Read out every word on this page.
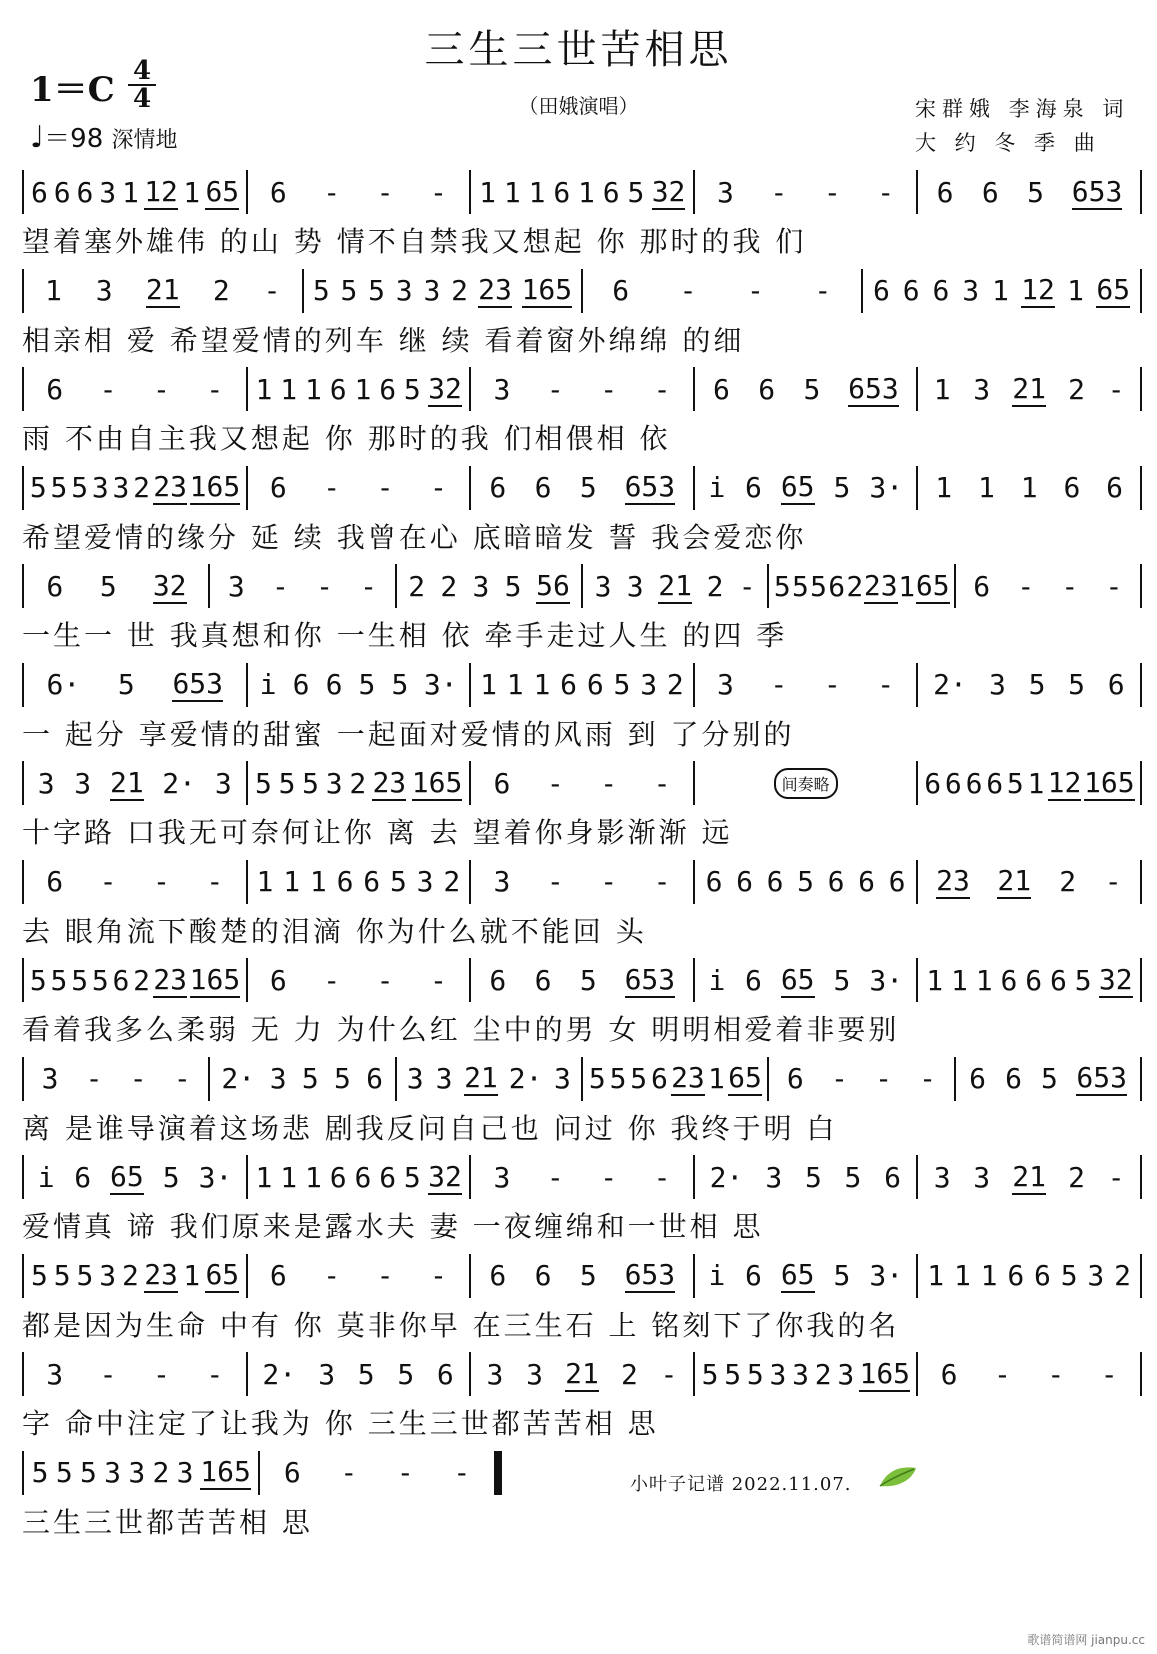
三生三世苦相思
（田娥演唱）
1＝C 4
4
♩＝98 深情地
宋群娥 李海泉 词
大 约 冬 季 曲
6 6 6 3 1 12 1 65 6 - - - 1 1 1 6 1 6 5 32 3 - - - 6 6 5 653
望着塞外雄伟 的山 势 情不自禁我又想起 你 那时的我 们
1 3 21 2 - 5 5 5 3 3 2 23 165 6 - - - 6 6 6 3 1 12 1 65
相亲相 爱 希望爱情的列车 继 续 看着窗外绵绵 的细
6 - - - 1 1 1 6 1 6 5 32 3 - - - 6 6 5 653 1 3 21 2 -
雨 不由自主我又想起 你 那时的我 们相偎相 依
5 5 5 3 3 2 23 165 6 - - - 6 6 5 653 i 6 65 5 3· 1 1 1 6 6
希望爱情的缘分 延 续 我曾在心 底暗暗发 誓 我会爱恋你
6 5 32 3 - - - 2 2 3 5 56 3 3 21 2 - 5 5 5 6 2 23 1 65 6 - - -
一生一 世 我真想和你 一生相 依 牵手走过人生 的四 季
6· 5 653 i 6 6 5 5 3· 1 1 1 6 6 5 3 2 3 - - - 2· 3 5 5 6
一 起分 享爱情的甜蜜 一起面对爱情的风雨 到 了分别的
3 3 21 2· 3 5 5 5 3 2 23 165 6 - - -	间奏略	6 6 6 6 5 1 12 165
十字路 口我无可奈何让你 离 去 望着你身影渐渐 远
6 - - - 1 1 1 6 6 5 3 2 3 - - - 6 6 6 5 6 6 6 23 21 2 -
去 眼角流下酸楚的泪滴 你为什么就不能回 头
5 5 5 5 6 2 23 165 6 - - - 6 6 5 653 i 6 65 5 3· 1 1 1 6 6 6 5 32
看着我多么柔弱 无 力 为什么红 尘中的男 女 明明相爱着非要别
3 - - - 2· 3 5 5 6 3 3 21 2· 3 5 5 5 6 23 1 65 6 - - - 6 6 5 653
离 是谁导演着这场悲 剧我反问自己也 问过 你 我终于明 白
i 6 65 5 3· 1 1 1 6 6 6 5 32 3 - - - 2· 3 5 5 6 3 3 21 2 -
爱情真 谛 我们原来是露水夫 妻 一夜缠绵和一世相 思
5 5 5 3 2 23 1 65 6 - - - 6 6 5 653 i 6 65 5 3· 1 1 1 6 6 5 3 2
都是因为生命 中有 你 莫非你早 在三生石 上 铭刻下了你我的名
3 - - - 2· 3 5 5 6 3 3 21 2 - 5 5 5 3 3 2 3 165 6 - - -
字 命中注定了让我为 你 三生三世都苦苦相 思
5 5 5 3 3 2 3 165 6 - - -
三生三世都苦苦相 思
小叶子记谱 2022.11.07.
歌谱简谱网 jianpu.cc
